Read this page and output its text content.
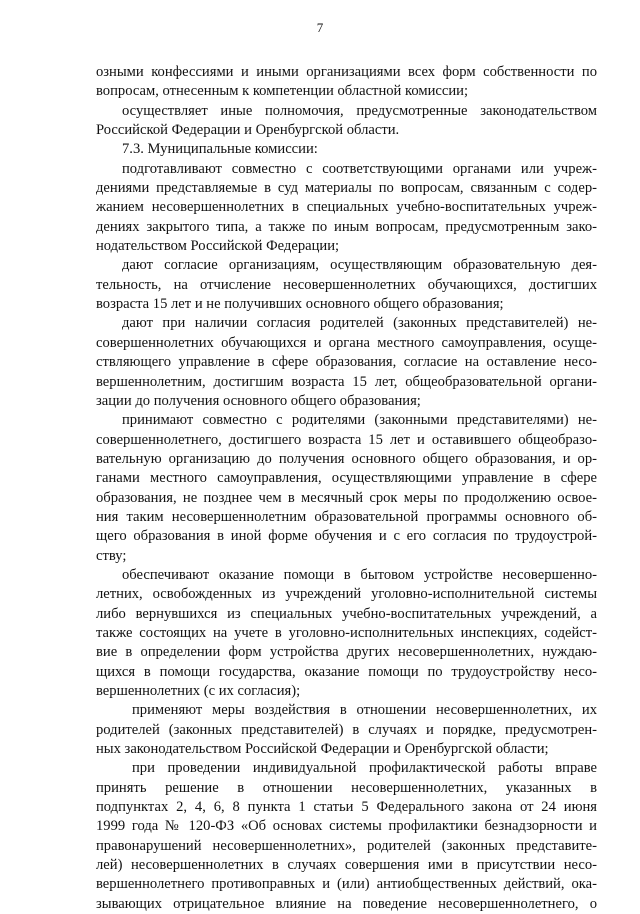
7
озными конфессиями и иными организациями всех форм собственности по
вопросам, отнесенным к компетенции областной комиссии;
осуществляет иные полномочия, предусмотренные законодательством
Российской Федерации и Оренбургской области.
7.3. Муниципальные комиссии:
подготавливают совместно с соответствующими органами или учреж-
дениями представляемые в суд материалы по вопросам, связанным с содер-
жанием несовершеннолетних в специальных учебно-воспитательных учреж-
дениях закрытого типа, а также по иным вопросам, предусмотренным зако-
нодательством Российской Федерации;
дают согласие организациям, осуществляющим образовательную дея-
тельность, на отчисление несовершеннолетних обучающихся, достигших
возраста 15 лет и не получивших основного общего образования;
дают при наличии согласия родителей (законных представителей) не-
совершеннолетних обучающихся и органа местного самоуправления, осуще-
ствляющего управление в сфере образования, согласие на оставление несо-
вершеннолетним, достигшим возраста 15 лет, общеобразовательной органи-
зации до получения основного общего образования;
принимают совместно с родителями (законными представителями) не-
совершеннолетнего, достигшего возраста 15 лет и оставившего общеобразо-
вательную организацию до получения основного общего образования, и ор-
ганами местного самоуправления, осуществляющими управление в сфере
образования, не позднее чем в месячный срок меры по продолжению освое-
ния таким несовершеннолетним образовательной программы основного об-
щего образования в иной форме обучения и с его согласия по трудоустрой-
ству;
обеспечивают оказание помощи в бытовом устройстве несовершенно-
летних, освобожденных из учреждений уголовно-исполнительной системы
либо вернувшихся из специальных учебно-воспитательных учреждений, а
также состоящих на учете в уголовно-исполнительных инспекциях, содейст-
вие в определении форм устройства других несовершеннолетних, нуждаю-
щихся в помощи государства, оказание помощи по трудоустройству несо-
вершеннолетних (с их согласия);
применяют меры воздействия в отношении несовершеннолетних, их
родителей (законных представителей) в случаях и порядке, предусмотрен-
ных законодательством Российской Федерации и Оренбургской области;
при проведении индивидуальной профилактической работы вправе
принять решение в отношении несовершеннолетних, указанных в
подпунктах 2, 4, 6, 8 пункта 1 статьи 5 Федерального закона от 24 июня
1999 года № 120-ФЗ «Об основах системы профилактики безнадзорности и
правонарушений несовершеннолетних», родителей (законных представите-
лей) несовершеннолетних в случаях совершения ими в присутствии несо-
вершеннолетнего противоправных и (или) антиобщественных действий, ока-
зывающих отрицательное влияние на поведение несовершеннолетнего, о
